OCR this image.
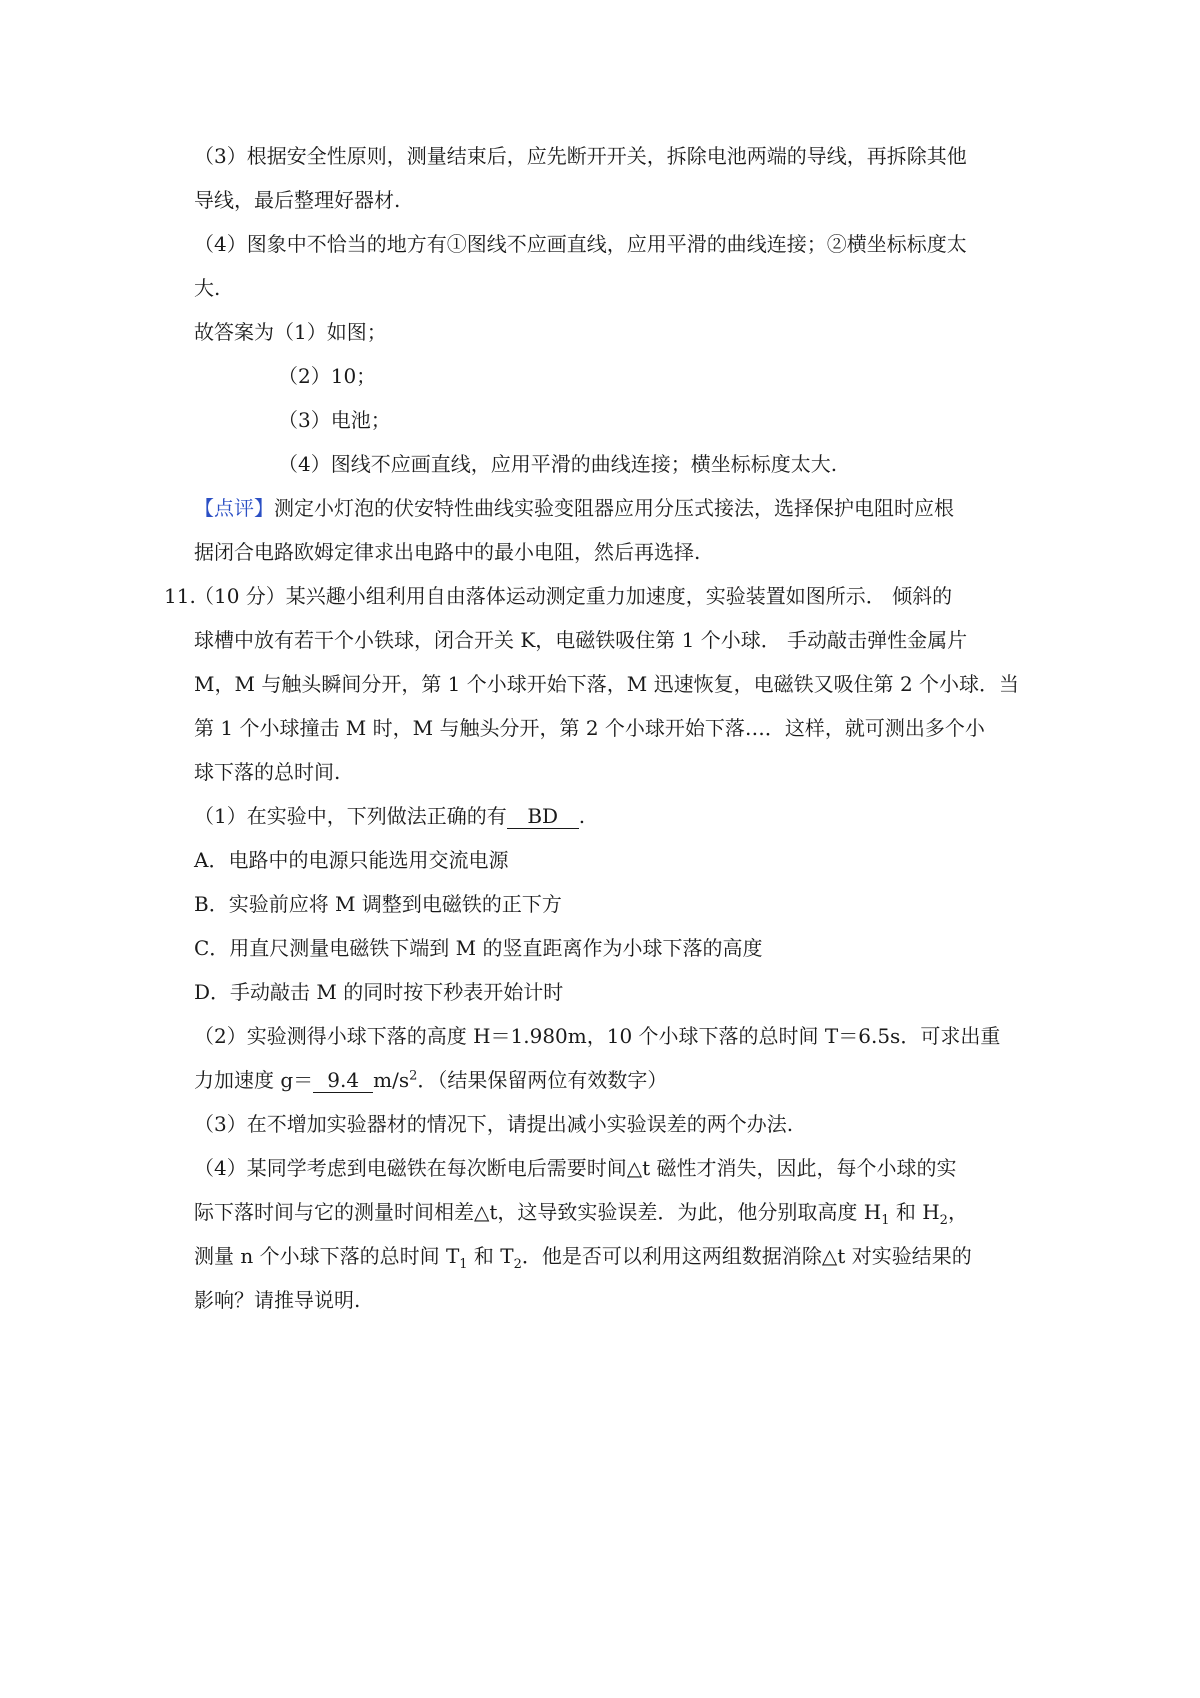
（3）根据安全性原则，测量结束后，应先断开开关，拆除电池两端的导线，再拆除其他
导线，最后整理好器材.
（4）图象中不恰当的地方有①图线不应画直线，应用平滑的曲线连接；②横坐标标度太
大.
故答案为（1）如图；
（2）10；
（3）电池；
（4）图线不应画直线，应用平滑的曲线连接；横坐标标度太大.
【点评】测定小灯泡的伏安特性曲线实验变阻器应用分压式接法，选择保护电阻时应根
据闭合电路欧姆定律求出电路中的最小电阻，然后再选择.
11.
（10 分）某兴趣小组利用自由落体运动测定重力加速度，实验装置如图所示． 倾斜的
球槽中放有若干个小铁球，闭合开关 K，电磁铁吸住第 1 个小球． 手动敲击弹性金属片
M，M 与触头瞬间分开，第 1 个小球开始下落，M 迅速恢复，电磁铁又吸住第 2 个小球．当
第 1 个小球撞击 M 时，M 与触头分开，第 2 个小球开始下落…．这样，就可测出多个小
球下落的总时间.
（1）在实验中，下列做法正确的有 BD .
A．电路中的电源只能选用交流电源
B．实验前应将 M 调整到电磁铁的正下方
C．用直尺测量电磁铁下端到 M 的竖直距离作为小球下落的高度
D．手动敲击 M 的同时按下秒表开始计时
（2）实验测得小球下落的高度 H＝1.980m，10 个小球下落的总时间 T＝6.5s．可求出重
力加速度 g＝ 9.4 $m/s^2$．（结果保留两位有效数字）
（3）在不增加实验器材的情况下，请提出减小实验误差的两个办法.
（4）某同学考虑到电磁铁在每次断电后需要时间△t 磁性才消失，因此，每个小球的实
际下落时间与它的测量时间相差△t，这导致实验误差．为此，他分别取高度 $H_1$ 和 $H_2$，
测量 n 个小球下落的总时间 $T_1$ 和 $T_2$．他是否可以利用这两组数据消除△t 对实验结果的
影响？请推导说明.
